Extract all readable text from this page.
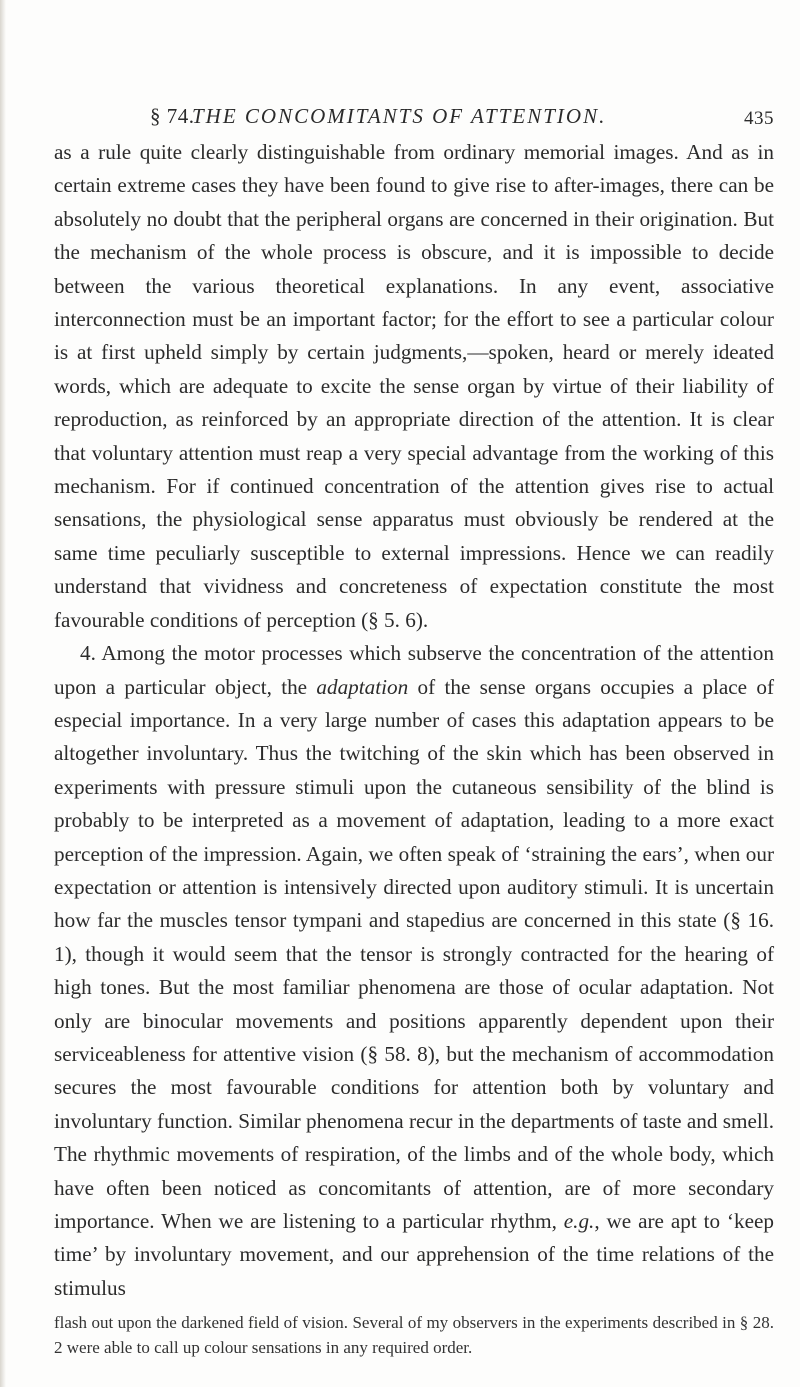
§ 74.
THE CONCOMITANTS OF ATTENTION.	435

as a rule quite clearly distinguishable from ordinary memorial images. And as in certain extreme cases they have been found to give rise to after-images, there can be absolutely no doubt that the peripheral organs are concerned in their origination. But the mechanism of the whole process is obscure, and it is impossible to decide between the various theoretical explanations. In any event, associative interconnection must be an important factor; for the effort to see a particular colour is at first upheld simply by certain judgments,—spoken, heard or merely ideated words, which are adequate to excite the sense organ by virtue of their liability of reproduction, as reinforced by an appropriate direction of the attention. It is clear that voluntary attention must reap a very special advantage from the working of this mechanism. For if continued concentration of the attention gives rise to actual sensations, the physiological sense apparatus must obviously be rendered at the same time peculiarly susceptible to external impressions. Hence we can readily understand that vividness and concreteness of expectation constitute the most favourable conditions of perception (§ 5. 6).

4. Among the motor processes which subserve the concentration of the attention upon a particular object, the adaptation of the sense organs occupies a place of especial importance. In a very large number of cases this adaptation appears to be altogether involuntary. Thus the twitching of the skin which has been observed in experiments with pressure stimuli upon the cutaneous sensibility of the blind is probably to be interpreted as a movement of adaptation, leading to a more exact perception of the impression. Again, we often speak of ‘straining the ears’, when our expectation or attention is intensively directed upon auditory stimuli. It is uncertain how far the muscles tensor tympani and stapedius are concerned in this state (§ 16. 1), though it would seem that the tensor is strongly contracted for the hearing of high tones. But the most familiar phenomena are those of ocular adaptation. Not only are binocular movements and positions apparently dependent upon their serviceableness for attentive vision (§ 58. 8), but the mechanism of accommodation secures the most favourable conditions for attention both by voluntary and involuntary function. Similar phenomena recur in the departments of taste and smell. The rhythmic movements of respiration, of the limbs and of the whole body, which have often been noticed as concomitants of attention, are of more secondary importance. When we are listening to a particular rhythm, e.g., we are apt to ‘keep time’ by involuntary movement, and our apprehension of the time relations of the stimulus

flash out upon the darkened field of vision. Several of my observers in the experiments described in § 28. 2 were able to call up colour sensations in any required order.
